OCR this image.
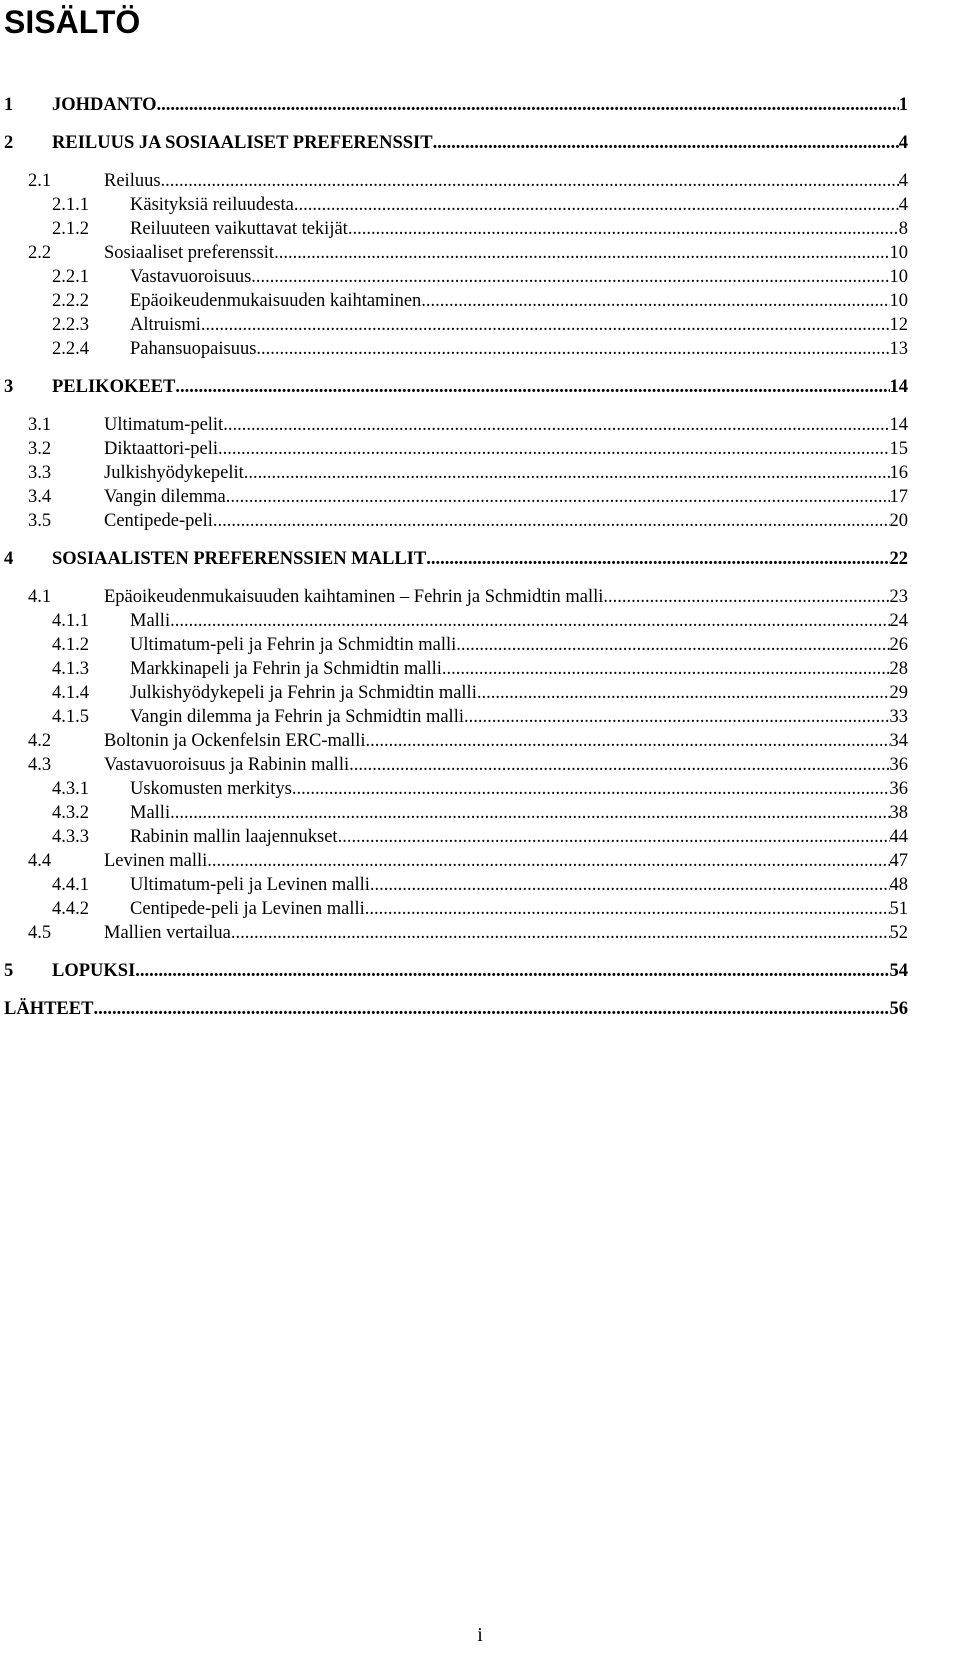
SISÄLTÖ
1	JOHDANTO .....	1
2	REILUUS JA SOSIAALISET PREFERENSSIT .....	4
2.1	Reiluus .....	4
2.1.1	Käsityksiä reiluudesta .....	4
2.1.2	Reiluuteen vaikuttavat tekijät .....	8
2.2	Sosiaaliset preferenssit .....	10
2.2.1	Vastavuoroisuus .....	10
2.2.2	Epäoikeudenmukaisuuden kaihtaminen .....	10
2.2.3	Altruismi .....	12
2.2.4	Pahansuopaisuus .....	13
3	PELIKOKEET .....	14
3.1	Ultimatum-pelit .....	14
3.2	Diktaattori-peli .....	15
3.3	Julkishyödykepelit .....	16
3.4	Vangin dilemma .....	17
3.5	Centipede-peli .....	20
4	SOSIAALISTEN PREFERENSSIEN MALLIT .....	22
4.1	Epäoikeudenmukaisuuden kaihtaminen – Fehrin ja Schmidtin malli .....	23
4.1.1	Malli .....	24
4.1.2	Ultimatum-peli ja Fehrin ja Schmidtin malli .....	26
4.1.3	Markkinapeli ja Fehrin ja Schmidtin malli .....	28
4.1.4	Julkishyödykepeli ja Fehrin ja Schmidtin malli .....	29
4.1.5	Vangin dilemma ja Fehrin ja Schmidtin malli .....	33
4.2	Boltonin ja Ockenfelsin ERC-malli .....	34
4.3	Vastavuoroisuus ja Rabinin malli .....	36
4.3.1	Uskomusten merkitys .....	36
4.3.2	Malli .....	38
4.3.3	Rabinin mallin laajennukset .....	44
4.4	Levinen malli .....	47
4.4.1	Ultimatum-peli ja Levinen malli .....	48
4.4.2	Centipede-peli ja Levinen malli .....	51
4.5	Mallien vertailua .....	52
5	LOPUKSI .....	54
LÄHTEET .....	56
i
